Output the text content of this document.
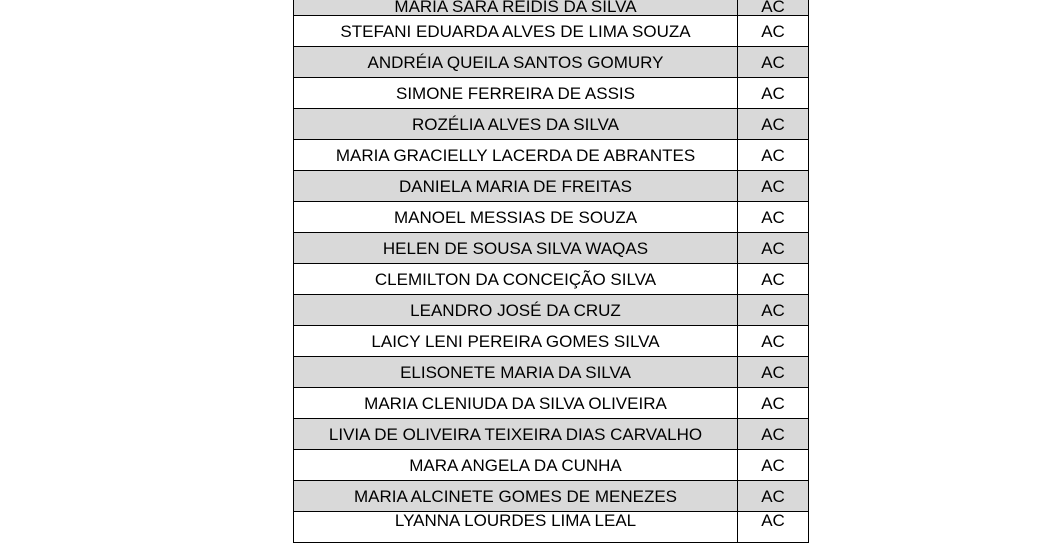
MARIA SARA REIDIS DA SILVA	AC
STEFANI EDUARDA ALVES DE LIMA SOUZA	AC
ANDRÉIA QUEILA SANTOS GOMURY	AC
SIMONE FERREIRA DE ASSIS	AC
ROZÉLIA ALVES DA SILVA	AC
MARIA GRACIELLY LACERDA DE ABRANTES	AC
DANIELA MARIA DE FREITAS	AC
MANOEL MESSIAS DE SOUZA	AC
HELEN DE SOUSA SILVA WAQAS	AC
CLEMILTON DA CONCEIÇÃO SILVA	AC
LEANDRO JOSÉ DA CRUZ	AC
LAICY LENI PEREIRA GOMES SILVA	AC
ELISONETE MARIA DA SILVA	AC
MARIA CLENIUDA DA SILVA OLIVEIRA	AC
LIVIA DE OLIVEIRA TEIXEIRA DIAS CARVALHO	AC
MARA ANGELA DA CUNHA	AC
MARIA ALCINETE GOMES DE MENEZES	AC
LYANNA LOURDES LIMA LEAL	AC
